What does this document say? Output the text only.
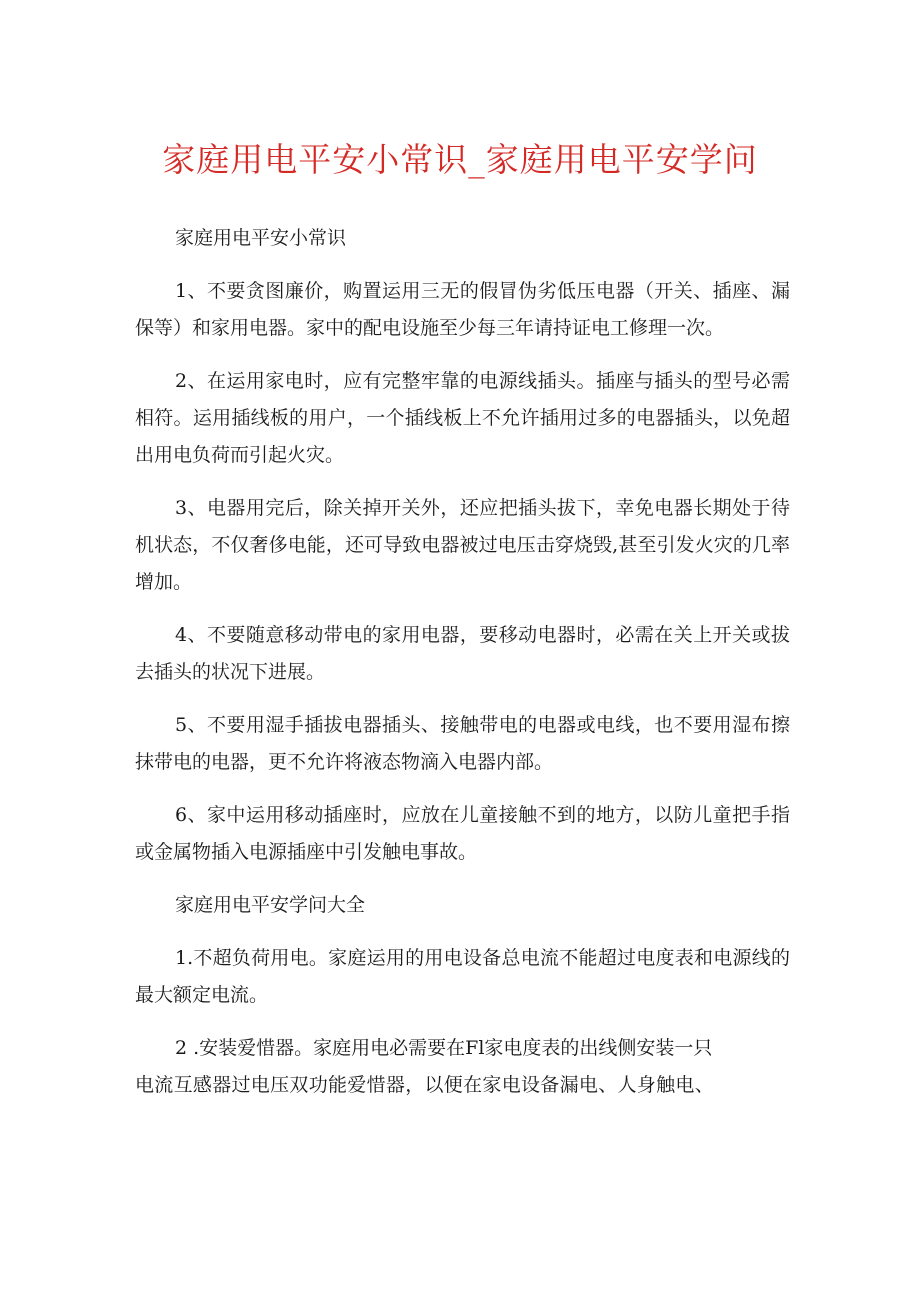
家庭用电平安小常识_家庭用电平安学问

家庭用电平安小常识

1、不要贪图廉价，购置运用三无的假冒伪劣低压电器（开关、插座、漏保等）和家用电器。家中的配电设施至少每三年请持证电工修理一次。

2、在运用家电时，应有完整牢靠的电源线插头。插座与插头的型号必需相符。运用插线板的用户，一个插线板上不允许插用过多的电器插头，以免超出用电负荷而引起火灾。

3、电器用完后，除关掉开关外，还应把插头拔下，幸免电器长期处于待机状态，不仅奢侈电能，还可导致电器被过电压击穿烧毁,甚至引发火灾的几率增加。

4、不要随意移动带电的家用电器，要移动电器时，必需在关上开关或拔去插头的状况下进展。

5、不要用湿手插拔电器插头、接触带电的电器或电线，也不要用湿布擦抹带电的电器，更不允许将液态物滴入电器内部。

6、家中运用移动插座时，应放在儿童接触不到的地方，以防儿童把手指或金属物插入电源插座中引发触电事故。

家庭用电平安学问大全

1.不超负荷用电。家庭运用的用电设备总电流不能超过电度表和电源线的最大额定电流。

2 .安装爱惜器。家庭用电必需要在Fl家电度表的出线侧安装一只
电流互感器过电压双功能爱惜器，以便在家电设备漏电、人身触电、
